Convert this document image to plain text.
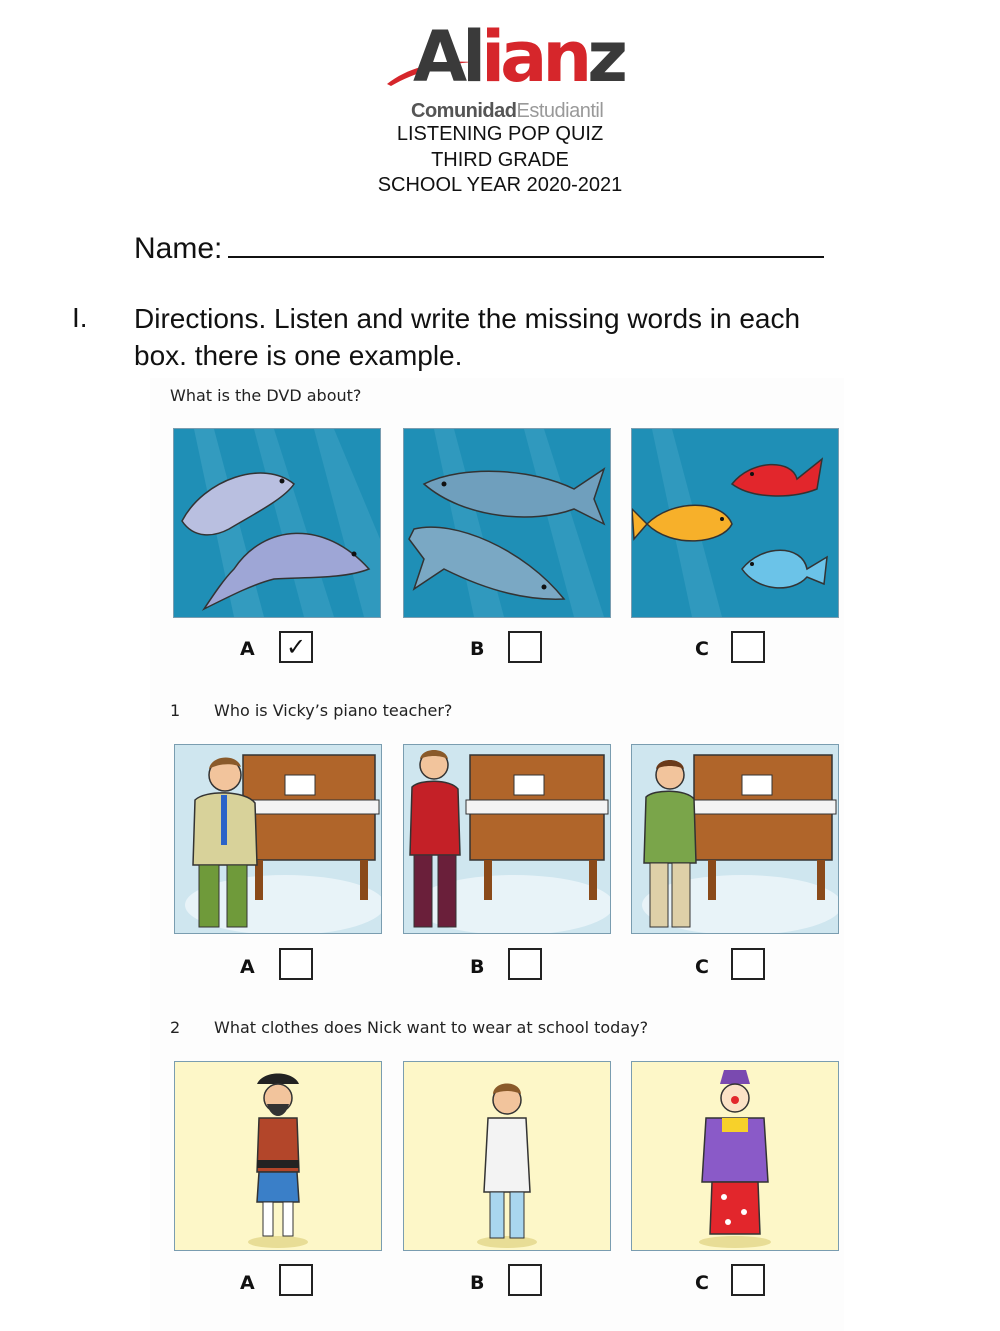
Alianz
ComunidadEstudiantil
LISTENING POP QUIZ
THIRD GRADE
SCHOOL YEAR 2020-2021
Name:
I. Directions. Listen and write the missing words in each box. there is one example.
What is the DVD about?
A ✓	B	C
1 Who is Vicky’s piano teacher?
A	B	C
2 What clothes does Nick want to wear at school today?
A	B	C
